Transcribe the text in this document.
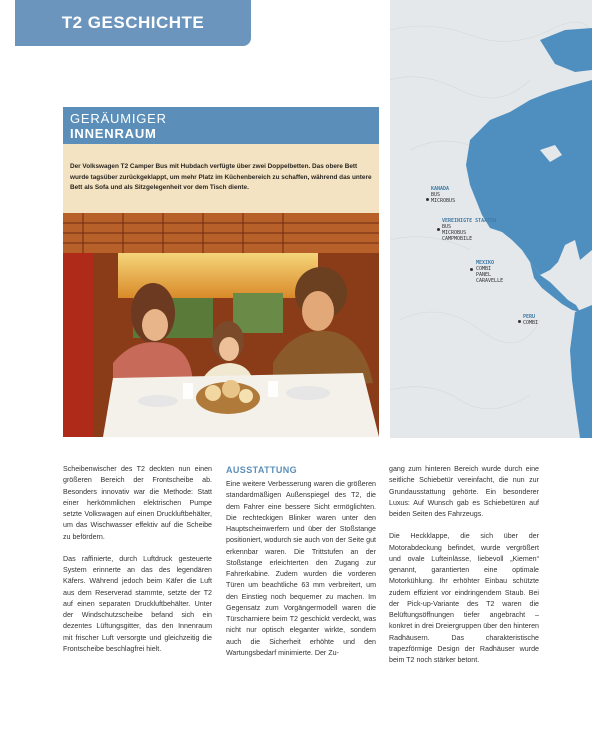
T2 GESCHICHTE
KANADA
BUS
MICROBUS
VEREINIGTE STAATEN
BUS
MICROBUS
CAMPMOBILE
MEXIKO
COMBI
PANEL
CARAVELLE
PERU
COMBI
GERÄUMIGER
INNENRAUM
Der Volkswagen T2 Camper Bus mit Hubdach verfügte über zwei Doppelbetten. Das obere Bett wurde tagsüber zurückgeklappt, um mehr Platz im Küchenbereich zu schaffen, während das untere Bett als Sofa und als Sitzgelegenheit vor dem Tisch diente.

Scheibenwischer des T2 deckten nun einen größeren Bereich der Frontscheibe ab. Besonders innovativ war die Methode: Statt einer herkömmlichen elektrischen Pumpe setzte Volkswagen auf einen Druckluftbehälter, um das Wischwasser effektiv auf die Scheibe zu befördern.

Das raffinierte, durch Luftdruck gesteuerte System erinnerte an das des legendären Käfers. Während jedoch beim Käfer die Luft aus dem Reserverad stammte, setzte der T2 auf einen separaten Druckluftbehälter. Unter der Windschutzscheibe befand sich ein dezentes Lüftungsgitter, das den Innenraum mit frischer Luft versorgte und gleichzeitig die Frontscheibe beschlagfrei hielt.

AUSSTATTUNG

Eine weitere Verbesserung waren die größeren standardmäßigen Außenspiegel des T2, die dem Fahrer eine bessere Sicht ermöglichten. Die rechteckigen Blinker waren unter den Hauptscheinwerfern und über der Stoßstange positioniert, wodurch sie auch von der Seite gut erkennbar waren. Die Trittstufen an der Stoßstange erleichterten den Zugang zur Fahrerkabine. Zudem wurden die vorderen Türen um beachtliche 63 mm verbreitert, um den Einstieg noch bequemer zu machen. Im Gegensatz zum Vorgängermodell waren die Türscharniere beim T2 geschickt verdeckt, was nicht nur optisch eleganter wirkte, sondern auch die Sicherheit erhöhte und den Wartungsbedarf minimierte. Der Zu-

gang zum hinteren Bereich wurde durch eine seitliche Schiebetür vereinfacht, die nun zur Grundausstattung gehörte. Ein besonderer Luxus: Auf Wunsch gab es Schiebetüren auf beiden Seiten des Fahrzeugs.

Die Heckklappe, die sich über der Motorabdeckung befindet, wurde vergrößert und ovale Lufteinlässe, liebevoll „Kiemen“ genannt, garantierten eine optimale Motorkühlung. Ihr erhöhter Einbau schützte zudem effizient vor eindringendem Staub. Bei der Pick-up-Variante des T2 waren die Belüftungsöffnungen tiefer angebracht – konkret in drei Dreiergruppen über den hinteren Radhäusern. Das charakteristische trapezförmige Design der Radhäuser wurde beim T2 noch stärker betont.
